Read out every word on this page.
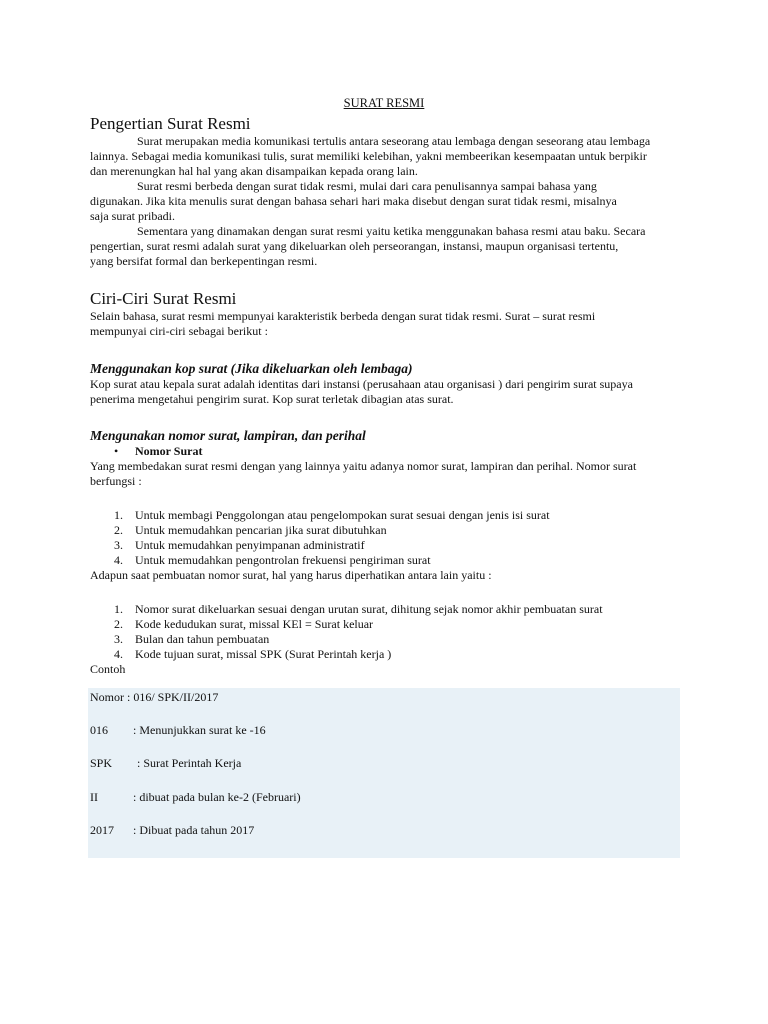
SURAT RESMI
Pengertian Surat Resmi

Surat merupakan media komunikasi tertulis antara seseorang atau lembaga dengan seseorang atau lembaga
lainnya. Sebagai media komunikasi tulis, surat memiliki kelebihan, yakni membeerikan kesempaatan untuk berpikir
dan merenungkan hal hal yang akan disampaikan kepada orang lain.

Surat resmi berbeda dengan surat tidak resmi, mulai dari cara penulisannya sampai bahasa yang
digunakan. Jika kita menulis surat dengan bahasa sehari hari maka disebut dengan surat tidak resmi, misalnya
saja surat pribadi.

Sementara yang dinamakan dengan surat resmi yaitu ketika menggunakan bahasa resmi atau baku. Secara
pengertian, surat resmi adalah surat yang dikeluarkan oleh perseorangan, instansi, maupun organisasi tertentu,
yang bersifat formal dan berkepentingan resmi.

Ciri-Ciri Surat Resmi

Selain bahasa, surat resmi mempunyai karakteristik berbeda dengan surat tidak resmi. Surat – surat resmi
mempunyai ciri-ciri sebagai berikut :

Menggunakan kop surat (Jika dikeluarkan oleh lembaga)

Kop surat atau kepala surat adalah identitas dari instansi (perusahaan atau organisasi ) dari pengirim surat supaya
penerima mengetahui pengirim surat. Kop surat terletak dibagian atas surat.

Mengunakan nomor surat, lampiran, dan perihal
•	Nomor Surat

Yang membedakan surat resmi dengan yang lainnya yaitu adanya nomor surat, lampiran dan perihal. Nomor surat
berfungsi :

1.	Untuk membagi Penggolongan atau pengelompokan surat sesuai dengan jenis isi surat
2.	Untuk memudahkan pencarian jika surat dibutuhkan
3.	Untuk memudahkan penyimpanan administratif
4.	Untuk memudahkan pengontrolan frekuensi pengiriman surat

Adapun saat pembuatan nomor surat, hal yang harus diperhatikan antara lain yaitu :

1.	Nomor surat dikeluarkan sesuai dengan urutan surat, dihitung sejak nomor akhir pembuatan surat
2.	Kode kedudukan surat, missal KEl = Surat keluar
3.	Bulan dan tahun pembuatan
4.	Kode tujuan surat, missal SPK (Surat Perintah kerja )

Contoh

Nomor : 016/ SPK/II/2017
016 : Menunjukkan surat ke -16
SPK : Surat Perintah Kerja
II	: dibuat pada bulan ke-2 (Februari)
2017 : Dibuat pada tahun 2017
